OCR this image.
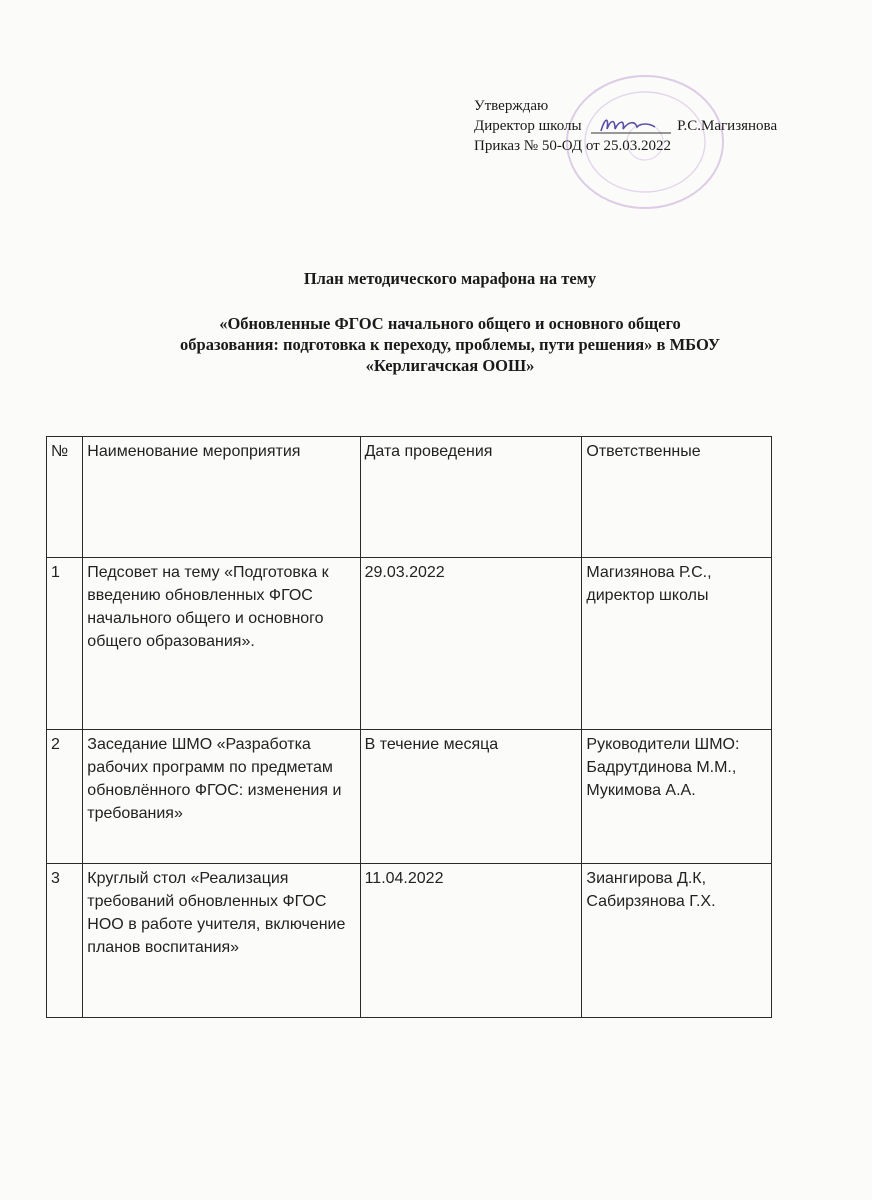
Утверждаю
Директор школы	Р.С.Магизянова
Приказ № 50-ОД от 25.03.2022
План методического марафона на тему
«Обновленные ФГОС начального общего и основного общего
образования: подготовка к переходу, проблемы, пути решения» в МБОУ
«Керлигачская ООШ»
№	Наименование мероприятия	Дата проведения	Ответственные
1	Педсовет на тему «Подготовка к введению обновленных ФГОС начального общего и основного общего образования».	29.03.2022	Магизянова Р.С., директор школы
2	Заседание ШМО «Разработка рабочих программ по предметам обновлённого ФГОС: изменения и требования»	В течение месяца	Руководители ШМО: Бадрутдинова М.М., Мукимова А.А.
3	Круглый стол «Реализация требований обновленных ФГОС НОО в работе учителя, включение планов воспитания»	11.04.2022	Зиангирова Д.К, Сабирзянова Г.Х.
